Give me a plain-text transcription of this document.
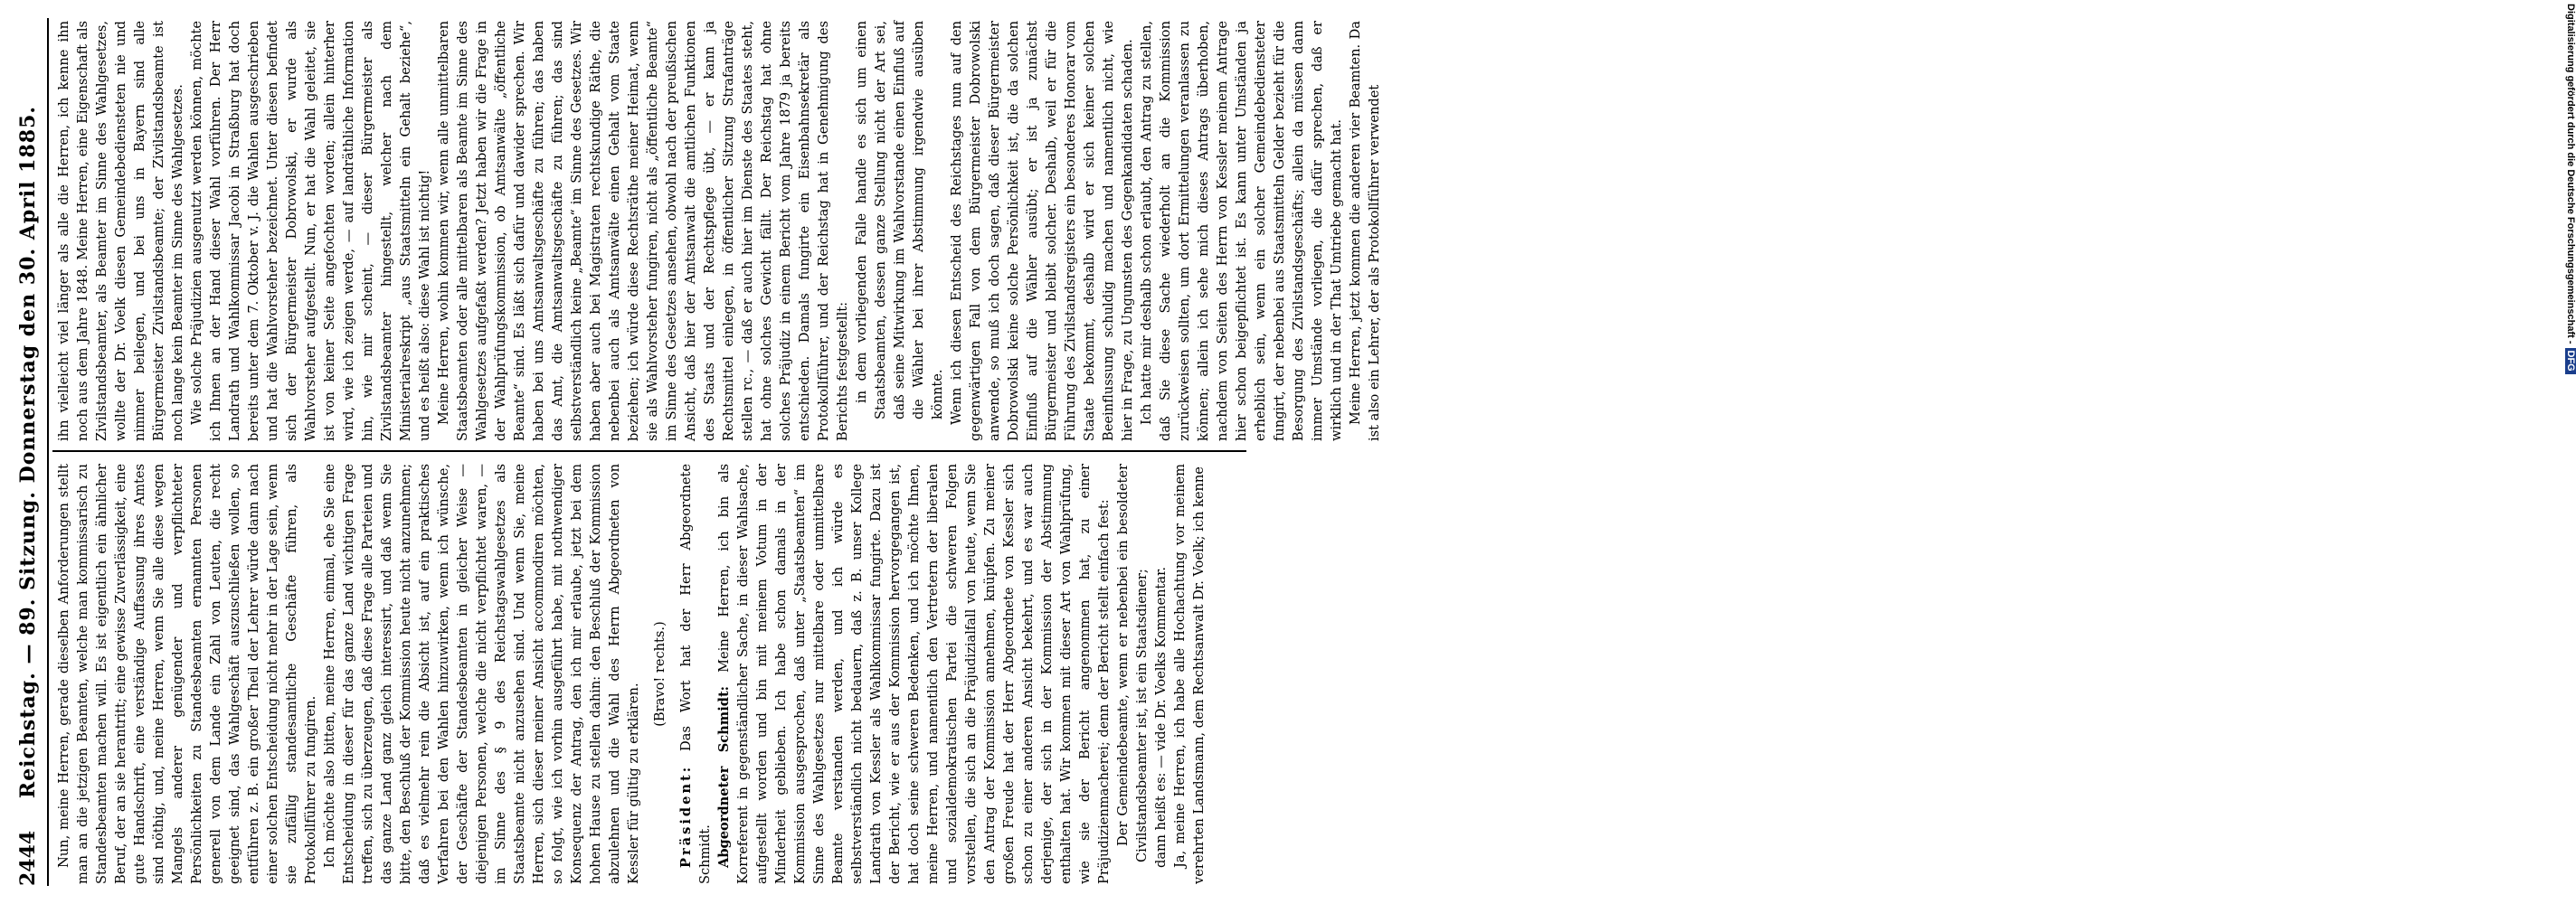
2444
Reichstag. — 89. Sitzung. Donnerstag den 30. April 1885. Nun, meine Herren, gerade dieselben Anforderungen stellt man an die jetzigen Beamten, welche man kommissarisch zu Standesbeamten machen will. Es ist eigentlich ein ähnlicher Beruf, der an sie herantritt; eine gewisse Zuverlässigkeit, eine gute Handschrift, eine verständige Auffassung ihres Amtes sind nöthig, und, meine Herren, wenn Sie alle diese wegen Mangels anderer genügender und verpflichteter Persönlichkeiten zu Standesbeamten ernannten Personen generell von dem Lande ein Zahl von Leuten, die recht geeignet sind, das Wahlgeschäft auszuschließen wollen, so entführen z. B. ein großer Theil der Lehrer würde dann nach einer solchen Entscheidung nicht mehr in der Lage sein, wenn sie zufällig standesamtliche Geschäfte führen, als Protokollführer zu fungiren. Ich möchte also bitten, meine Herren, einmal, ehe Sie eine Entscheidung in dieser für das ganze Land wichtigen Frage treffen, sich zu überzeugen, daß diese Frage alle Parteien und das ganze Land ganz gleich interessirt, und daß wenn Sie bitte, den Beschluß der Kommission heute nicht anzunehmen; daß es vielmehr rein die Absicht ist, auf ein praktisches Verfahren bei den Wahlen hinzuwirken, wenn ich wünsche, der Geschäfte der Standesbeamten in gleicher Weise — diejenigen Personen, welche die nicht verpflichtet waren, — im Sinne des § 9 des Reichstagswahlgesetzes als Staatsbeamte nicht anzusehen sind. Und wenn Sie, meine Herren, sich dieser meiner Ansicht accommodiren möchten, so folgt, wie ich vorhin ausgeführt habe, mit nothwendiger Konsequenz der Antrag, den ich mir erlaube, jetzt bei dem hohen Hause zu stellen dahin: den Beschluß der Kommission abzulehnen und die Wahl des Herrn Abgeordneten von Kessler für gültig zu erklären.

(Bravo! rechts.)

Präsident: Das Wort hat der Herr Abgeordnete Schmidt. Abgeordneter Schmidt: Meine Herren, ich bin als Korreferent in gegenständlicher Sache, in dieser Wahlsache, aufgestellt worden und bin mit meinem Votum in der Minderheit geblieben. Ich habe schon damals in der Kommission ausgesprochen, daß unter „Staatsbeamten“ im Sinne des Wahlgesetzes nur mittelbare oder unmittelbare Beamte verstanden werden, und ich würde es selbstverständlich nicht bedauern, daß z. B. unser Kollege Landrath von Kessler als Wahlkommissar fungirte. Dazu ist der Bericht, wie er aus der Kommission hervorgegangen ist, hat doch seine schweren Bedenken, und ich möchte Ihnen, meine Herren, und namentlich den Vertretern der liberalen und sozialdemokratischen Partei die schweren Folgen vorstellen, die sich an die Präjudizialfall von heute, wenn Sie den Antrag der Kommission annehmen, knüpfen. Zu meiner großen Freude hat der Herr Abgeordnete von Kessler sich schon zu einer anderen Ansicht bekehrt, und es war auch derjenige, der sich in der Kommission der Abstimmung enthalten hat. Wir kommen mit dieser Art von Wahlprüfung, wie sie der Bericht angenommen hat, zu einer Präjudizienmacherei; denn der Bericht stellt einfach fest: Der Gemeindebeamte, wenn er nebenbei ein besoldeter Civilstandsbeamter ist, ist ein Staatsdiener; dann heißt es: — vide Dr. Voelks Kommentar. Ja, meine Herren, ich habe alle Hochachtung vor meinem verehrten Landsmann, dem Rechtsanwalt Dr. Voelk; ich kenne

ihn vielleicht viel länger als alle die Herren, ich kenne ihn noch aus dem Jahre 1848. Meine Herren, eine Eigenschaft als Zivilstandsbeamter, als Beamter im Sinne des Wahlgesetzes, wollte der Dr. Voelk diesen Gemeindebediensteten nie und nimmer beilegen, und bei uns in Bayern sind alle Bürgermeister Zivilstandsbeamte; der Zivilstandsbeamte ist noch lange kein Beamter im Sinne des Wahlgesetzes. Wie solche Präjudizien ausgenutzt werden können, möchte ich Ihnen an der Hand dieser Wahl vorführen. Der Herr Landrath und Wahlkommissar Jacobi in Straßburg hat doch bereits unter dem 7. Oktober v. J. die Wahlen ausgeschrieben und hat die Wahlvorsteher bezeichnet. Unter diesen befindet sich der Bürgermeister Dobrowolski, er wurde als Wahlvorsteher aufgestellt. Nun, er hat die Wahl geleitet, sie ist von keiner Seite angefochten worden; allein hinterher wird, wie ich zeigen werde, — auf landräthliche Information hin, wie mir scheint, — dieser Bürgermeister als Zivilstandsbeamter hingestellt, welcher nach dem Ministerialreskript „aus Staatsmitteln ein Gehalt beziehe“, und es heißt also: diese Wahl ist nichtig! Meine Herren, wohin kommen wir, wenn alle unmittelbaren Staatsbeamten oder alle mittelbaren als Beamte im Sinne des Wahlgesetzes aufgefaßt werden? Jetzt haben wir die Frage in der Wahlprüfungskommission, ob Amtsanwälte „öffentliche Beamte“ sind. Es läßt sich dafür und dawider sprechen. Wir haben bei uns Amtsanwaltsgeschäfte zu führen; das haben das Amt, die Amtsanwaltsgeschäfte zu führen; das sind selbstverständlich keine „Beamte“ im Sinne des Gesetzes. Wir haben aber auch bei Magistraten rechtskundige Räthe, die nebenbei auch als Amtsanwälte einen Gehalt vom Staate beziehen; ich würde diese Rechtsräthe meiner Heimat, wenn sie als Wahlvorsteher fungiren, nicht als „öffentliche Beamte“ im Sinne des Gesetzes ansehen, obwohl nach der preußischen Ansicht, daß hier der Amtsanwalt die amtlichen Funktionen des Staats und der Rechtspflege übt, — er kann ja Rechtsmittel einlegen, in öffentlicher Sitzung Strafanträge stellen rc., — daß er auch hier im Dienste des Staates steht, hat ohne solches Gewicht fällt. Der Reichstag hat ohne solches Präjudiz in einem Bericht vom Jahre 1879 ja bereits entschieden. Damals fungirte ein Eisenbahnsekretär als Protokollführer, und der Reichstag hat in Genehmigung des Berichts festgestellt: in dem vorliegenden Falle handle es sich um einen Staatsbeamten, dessen ganze Stellung nicht der Art sei, daß seine Mitwirkung im Wahlvorstande einen Einfluß auf die Wähler bei ihrer Abstimmung irgendwie ausüben könnte. Wenn ich diesen Entscheid des Reichstages nun auf den gegenwärtigen Fall von dem Bürgermeister Dobrowolski anwende, so muß ich doch sagen, daß dieser Bürgermeister Dobrowolski keine solche Persönlichkeit ist, die da solchen Einfluß auf die Wähler ausübt; er ist ja zunächst Bürgermeister und bleibt solcher. Deshalb, weil er für die Führung des Zivilstandsregisters ein besonderes Honorar vom Staate bekommt, deshalb wird er sich keiner solchen Beeinflussung schuldig machen und namentlich nicht, wie hier in Frage, zu Ungunsten des Gegenkandidaten schaden. Ich hatte mir deshalb schon erlaubt, den Antrag zu stellen, daß Sie diese Sache wiederholt an die Kommission zurückweisen sollten, um dort Ermittelungen veranlassen zu können; allein ich sehe mich dieses Antrags überhoben, nachdem von Seiten des Herrn von Kessler meinem Antrage hier schon beigepflichtet ist. Es kann unter Umständen ja erheblich sein, wenn ein solcher Gemeindebediensteter fungirt, der nebenbei aus Staatsmitteln Gelder bezieht für die Besorgung des Zivilstandsgeschäfts; allein da müssen dann immer Umstände vorliegen, die dafür sprechen, daß er wirklich und in der That Umtriebe gemacht hat. Meine Herren, jetzt kommen die anderen vier Beamten. Da ist also ein Lehrer, der als Protokollführer verwendet	Digitalisierung gefördert durch die Deutsche Forschungsgemeinschaft -DFG
